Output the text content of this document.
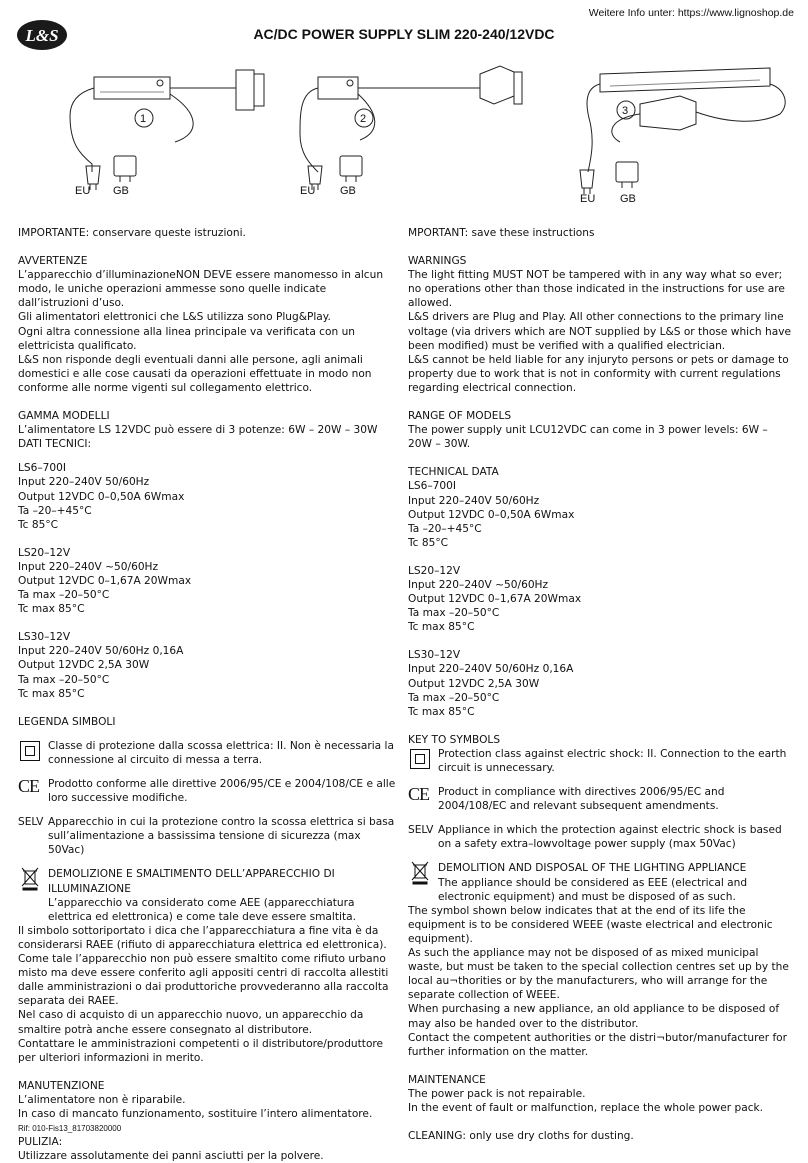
Weitere Info unter: https://www.lignoshop.de
L&S	AC/DC POWER SUPPLY SLIM 220-240/12VDC
1
EU GB
2
EU GB
3
EU GB

IMPORTANTE: conservare queste istruzioni.

AVVERTENZE

L’apparecchio d’illuminazioneNON DEVE essere manomesso in alcun modo, le uniche operazioni ammesse sono quelle indicate dall’istruzioni d’uso.

Gli alimentatori elettronici che L&S utilizza sono Plug&Play.

Ogni altra connessione alla linea principale va verificata con un elettricista qualificato.

L&S non risponde degli eventuali danni alle persone, agli animali domestici e alle cose causati da operazioni effettuate in modo non conforme alle norme vigenti sul collegamento elettrico.

GAMMA MODELLI

L’alimentatore LS 12VDC può essere di 3 potenze: 6W – 20W – 30W

DATI TECNICI:

LS6–700I

Input 220–240V 50/60Hz

Output 12VDC 0–0,50A 6Wmax

Ta –20–+45°C

Tc 85°C

LS20–12V

Input 220–240V ~50/60Hz

Output 12VDC 0–1,67A 20Wmax

Ta max –20–50°C

Tc max 85°C

LS30–12V

Input 220–240V 50/60Hz 0,16A

Output 12VDC 2,5A 30W

Ta max –20–50°C

Tc max 85°C

LEGENDA SIMBOLI

Classe di protezione dalla scossa elettrica: II. Non è necessaria la connessione al circuito di messa a terra.

CE Prodotto conforme alle direttive 2006/95/CE e 2004/108/CE e alle loro successive modifiche.

SELV Apparecchio in cui la protezione contro la scossa elettrica si basa sull’alimentazione a bassissima tensione di sicurezza (max 50Vac)

DEMOLIZIONE E SMALTIMENTO DELL’APPARECCHIO DI ILLUMINAZIONE

L’apparecchio va considerato come AEE (apparecchiatura elettrica ed elettronica) e come tale deve essere smaltita.

Il simbolo sottoriportato i dica che l’apparecchiatura a fine vita è da considerarsi RAEE (rifiuto di apparecchiatura elettrica ed elettronica).

Come tale l’apparecchio non può essere smaltito come rifiuto urbano misto ma deve essere conferito agli appositi centri di raccolta allestiti dalle amministrazioni o dai produttoriche provvederanno alla raccolta separata dei RAEE.

Nel caso di acquisto di un apparecchio nuovo, un apparecchio da smaltire potrà anche essere consegnato al distributore.

Contattare le amministrazioni competenti o il distributore/produttore per ulteriori informazioni in merito.

MANUTENZIONE

L’alimentatore non è riparabile.

In caso di mancato funzionamento, sostituire l’intero alimentatore.

PULIZIA:

Utilizzare assolutamente dei panni asciutti per la polvere.

MPORTANT: save these instructions

WARNINGS

The light fitting MUST NOT be tampered with in any way what so ever; no operations other than those indicated in the instructions for use are allowed.

L&S drivers are Plug and Play. All other connections to the primary line voltage (via drivers which are NOT supplied by L&S or those which have been modified) must be verified with a qualified electrician.

L&S cannot be held liable for any injuryto persons or pets or damage to property due to work that is not in conformity with current regulations regarding electrical connection.

RANGE OF MODELS

The power supply unit LCU12VDC can come in 3 power levels: 6W – 20W – 30W.

TECHNICAL DATA

LS6–700I

Input 220–240V 50/60Hz

Output 12VDC 0–0,50A 6Wmax

Ta –20–+45°C

Tc 85°C

LS20–12V

Input 220–240V ~50/60Hz

Output 12VDC 0–1,67A 20Wmax

Ta max –20–50°C

Tc max 85°C

LS30–12V

Input 220–240V 50/60Hz 0,16A

Output 12VDC 2,5A 30W

Ta max –20–50°C

Tc max 85°C

KEY TO SYMBOLS

Protection class against electric shock: II. Connection to the earth circuit is unnecessary.

CE Product in compliance with directives 2006/95/EC and 2004/108/EC and relevant subsequent amendments.

SELV Appliance in which the protection against electric shock is based on a safety extra–lowvoltage power supply (max 50Vac)

DEMOLITION AND DISPOSAL OF THE LIGHTING APPLIANCE

The appliance should be considered as EEE (electrical and electronic equipment) and must be disposed of as such.

The symbol shown below indicates that at the end of its life the equipment is to be considered WEEE (waste electrical and electronic equipment).

As such the appliance may not be disposed of as mixed municipal waste, but must be taken to the special collection centres set up by the local au¬thorities or by the manufacturers, who will arrange for the separate collection of WEEE.

When purchasing a new appliance, an old appliance to be disposed of may also be handed over to the distributor.

Contact the competent authorities or the distri¬butor/manufacturer for further information on the matter.

MAINTENANCE

The power pack is not repairable.

In the event of fault or malfunction, replace the whole power pack.

CLEANING: only use dry cloths for dusting.

Rif: 010-Fis13_81703820000
